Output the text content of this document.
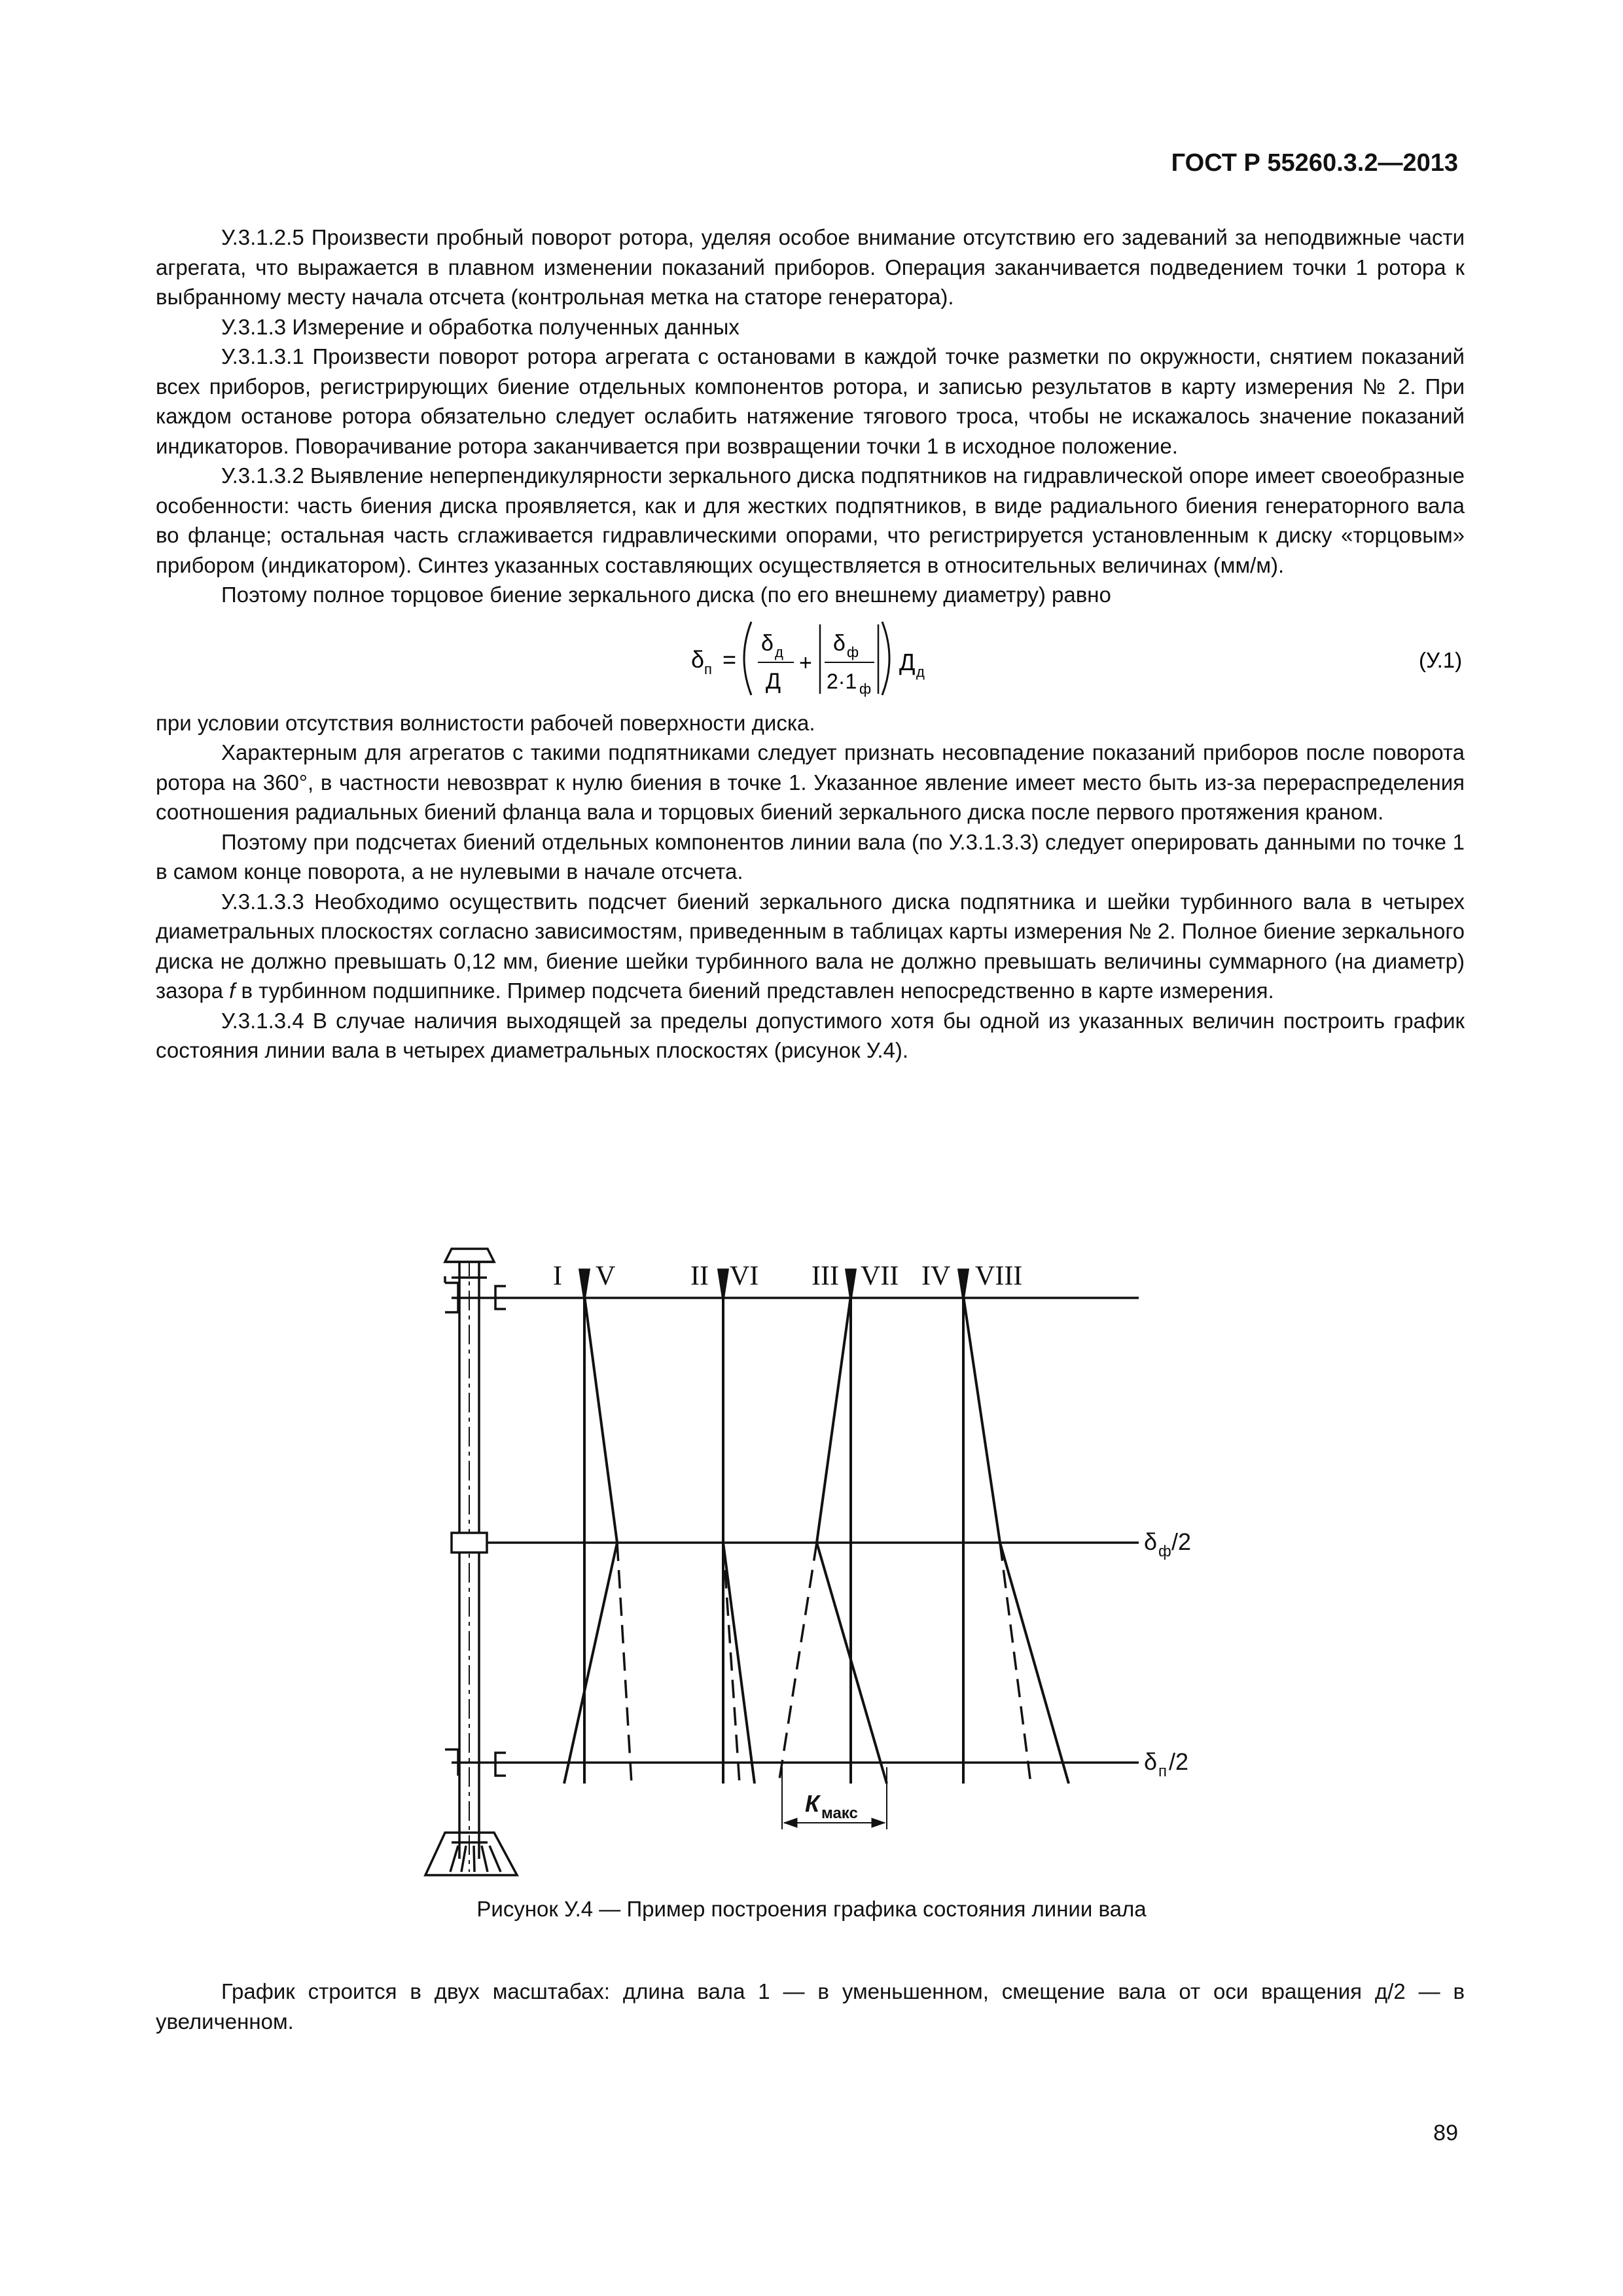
ГОСТ Р 55260.3.2—2013

У.3.1.2.5 Произвести пробный поворот ротора, уделяя особое внимание отсутствию его задеваний за неподвижные части агрегата, что выражается в плавном изменении показаний приборов. Операция заканчивается подведением точки 1 ротора к выбранному месту начала отсчета (контрольная метка на статоре генератора).

У.3.1.3 Измерение и обработка полученных данных

У.3.1.3.1 Произвести поворот ротора агрегата с остановами в каждой точке разметки по окружности, снятием показаний всех приборов, регистрирующих биение отдельных компонентов ротора, и записью результатов в карту измерения № 2. При каждом останове ротора обязательно следует ослабить натяжение тягового троса, чтобы не искажалось значение показаний индикаторов. Поворачивание ротора заканчивается при возвращении точки 1 в исходное положение.

У.3.1.3.2 Выявление неперпендикулярности зеркального диска подпятников на гидравлической опоре имеет своеобразные особенности: часть биения диска проявляется, как и для жестких подпятников, в виде радиального биения генераторного вала во фланце; остальная часть сглаживается гидравлическими опорами, что регистрируется установленным к диску «торцовым» прибором (индикатором). Синтез указанных составляющих осуществляется в относительных величинах (мм/м).

Поэтому полное торцовое биение зеркального диска (по его внешнему диаметру) равно

δ п =
δ д
Д
+
δ ф
2·1 ф
Д д	(У.1)

при условии отсутствия волнистости рабочей поверхности диска.

Характерным для агрегатов с такими подпятниками следует признать несовпадение показаний приборов после поворота ротора на 360°, в частности невозврат к нулю биения в точке 1. Указанное явление имеет место быть из-за перераспределения соотношения радиальных биений фланца вала и торцовых биений зеркального диска после первого протяжения краном.

Поэтому при подсчетах биений отдельных компонентов линии вала (по У.3.1.3.3) следует оперировать данными по точке 1 в самом конце поворота, а не нулевыми в начале отсчета.

У.3.1.3.3 Необходимо осуществить подсчет биений зеркального диска подпятника и шейки турбинного вала в четырех диаметральных плоскостях согласно зависимостям, приведенным в таблицах карты измерения № 2. Полное биение зеркального диска не должно превышать 0,12 мм, биение шейки турбинного вала не должно превышать величины суммарного (на диаметр) зазора f в турбинном подшипнике. Пример подсчета биений представлен непосредственно в карте измерения.

У.3.1.3.4 В случае наличия выходящей за пределы допустимого хотя бы одной из указанных величин построить график состояния линии вала в четырех диаметральных плоскостях (рисунок У.4).

I V	II VI III VII IV VIII
δ ф /2
δ п /2
К макс
Рисунок У.4 — Пример построения графика состояния линии вала

График строится в двух масштабах: длина вала 1 — в уменьшенном, смещение вала от оси вращения д/2 — в увеличенном.

89
